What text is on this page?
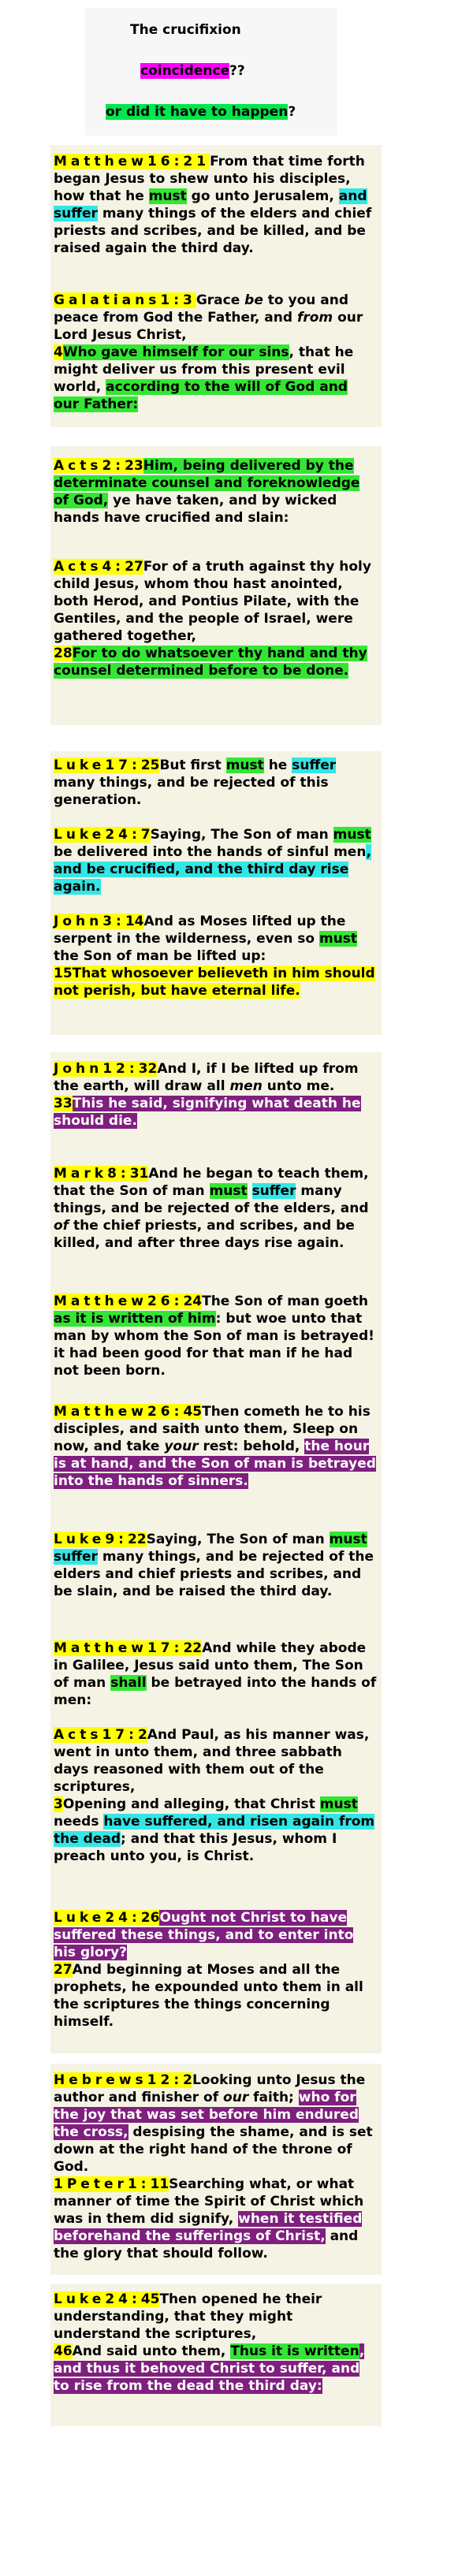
The crucifixion
coincidence??
or did it have to happen?

Matthew16:21From that time forth began Jesus to shew unto his disciples, how that he must go unto Jerusalem, and suffer many things of the elders and chief priests and scribes, and be killed, and be raised again the third day.

Galatians1:3Grace be to you and peace from God the Father, and from our Lord Jesus Christ,
4Who gave himself for our sins, that he might deliver us from this present evil world, according to the will of God and our Father:

Acts2:23Him, being delivered by the determinate counsel and foreknowledge of God, ye have taken, and by wicked hands have crucified and slain:

Acts4:27For of a truth against thy holy child Jesus, whom thou hast anointed, both Herod, and Pontius Pilate, with the Gentiles, and the people of Israel, were gathered together,
28For to do whatsoever thy hand and thy counsel determined before to be done.

Luke17:25But first must he suffer many things, and be rejected of this generation.

Luke24:7Saying, The Son of man must be delivered into the hands of sinful men, and be crucified, and the third day rise again.

John3:14And as Moses lifted up the serpent in the wilderness, even so must the Son of man be lifted up:
15That whosoever believeth in him should not perish, but have eternal life.

John12:32And I, if I be lifted up from the earth, will draw all men unto me.
33This he said, signifying what death he should die.

Mark8:31And he began to teach them, that the Son of man must suffer many things, and be rejected of the elders, and of the chief priests, and scribes, and be killed, and after three days rise again.

Matthew26:24The Son of man goeth as it is written of him: but woe unto that man by whom the Son of man is betrayed! it had been good for that man if he had not been born.

Matthew26:45Then cometh he to his disciples, and saith unto them, Sleep on now, and take your rest: behold, the hour is at hand, and the Son of man is betrayed into the hands of sinners.

Luke9:22Saying, The Son of man must suffer many things, and be rejected of the elders and chief priests and scribes, and be slain, and be raised the third day.

Matthew17:22And while they abode in Galilee, Jesus said unto them, The Son of man shall be betrayed into the hands of men:

Acts17:2And Paul, as his manner was, went in unto them, and three sabbath days reasoned with them out of the scriptures,
3Opening and alleging, that Christ must needs have suffered, and risen again from the dead; and that this Jesus, whom I preach unto you, is Christ.

Luke24:26Ought not Christ to have suffered these things, and to enter into his glory?
27And beginning at Moses and all the prophets, he expounded unto them in all the scriptures the things concerning himself.

Hebrews12:2Looking unto Jesus the author and finisher of our faith; who for the joy that was set before him endured the cross, despising the shame, and is set down at the right hand of the throne of God.

1Peter1:11Searching what, or what manner of time the Spirit of Christ which was in them did signify, when it testified beforehand the sufferings of Christ, and the glory that should follow.

Luke24:45Then opened he their understanding, that they might understand the scriptures,
46And said unto them, Thus it is written, and thus it behoved Christ to suffer, and to rise from the dead the third day:
